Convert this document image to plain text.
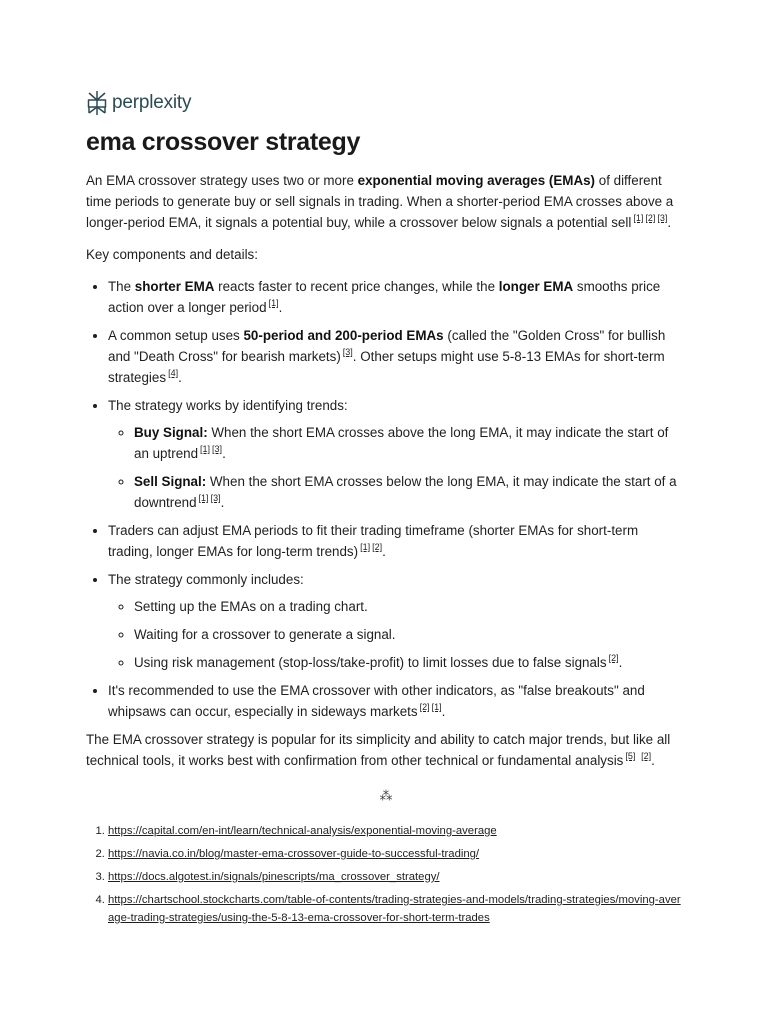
perplexity
ema crossover strategy

An EMA crossover strategy uses two or more exponential moving averages (EMAs) of different time periods to generate buy or sell signals in trading. When a shorter-period EMA crosses above a longer-period EMA, it signals a potential buy, while a crossover below signals a potential sell [1] [2] [3].

Key components and details:

• The shorter EMA reacts faster to recent price changes, while the longer EMA smooths price action over a longer period [1].
• A common setup uses 50-period and 200-period EMAs (called the "Golden Cross" for bullish and "Death Cross" for bearish markets) [3]. Other setups might use 5-8-13 EMAs for short-term strategies [4].
• The strategy works by identifying trends:
◦ Buy Signal: When the short EMA crosses above the long EMA, it may indicate the start of an uptrend [1] [3].
◦ Sell Signal: When the short EMA crosses below the long EMA, it may indicate the start of a downtrend [1] [3].
• Traders can adjust EMA periods to fit their trading timeframe (shorter EMAs for short-term trading, longer EMAs for long-term trends) [1] [2].
• The strategy commonly includes:
◦ Setting up the EMAs on a trading chart.
◦ Waiting for a crossover to generate a signal.
◦ Using risk management (stop-loss/take-profit) to limit losses due to false signals [2].
• It's recommended to use the EMA crossover with other indicators, as "false breakouts" and whipsaws can occur, especially in sideways markets [2] [1].

The EMA crossover strategy is popular for its simplicity and ability to catch major trends, but like all technical tools, it works best with confirmation from other technical or fundamental analysis [5] [2].

⁂
1. https://capital.com/en-int/learn/technical-analysis/exponential-moving-average
2. https://navia.co.in/blog/master-ema-crossover-guide-to-successful-trading/
3. https://docs.algotest.in/signals/pinescripts/ma_crossover_strategy/
4. https://chartschool.stockcharts.com/table-of-contents/trading-strategies-and-models/trading-strategies/moving-average-trading-strategies/using-the-5-8-13-ema-crossover-for-short-term-trades
